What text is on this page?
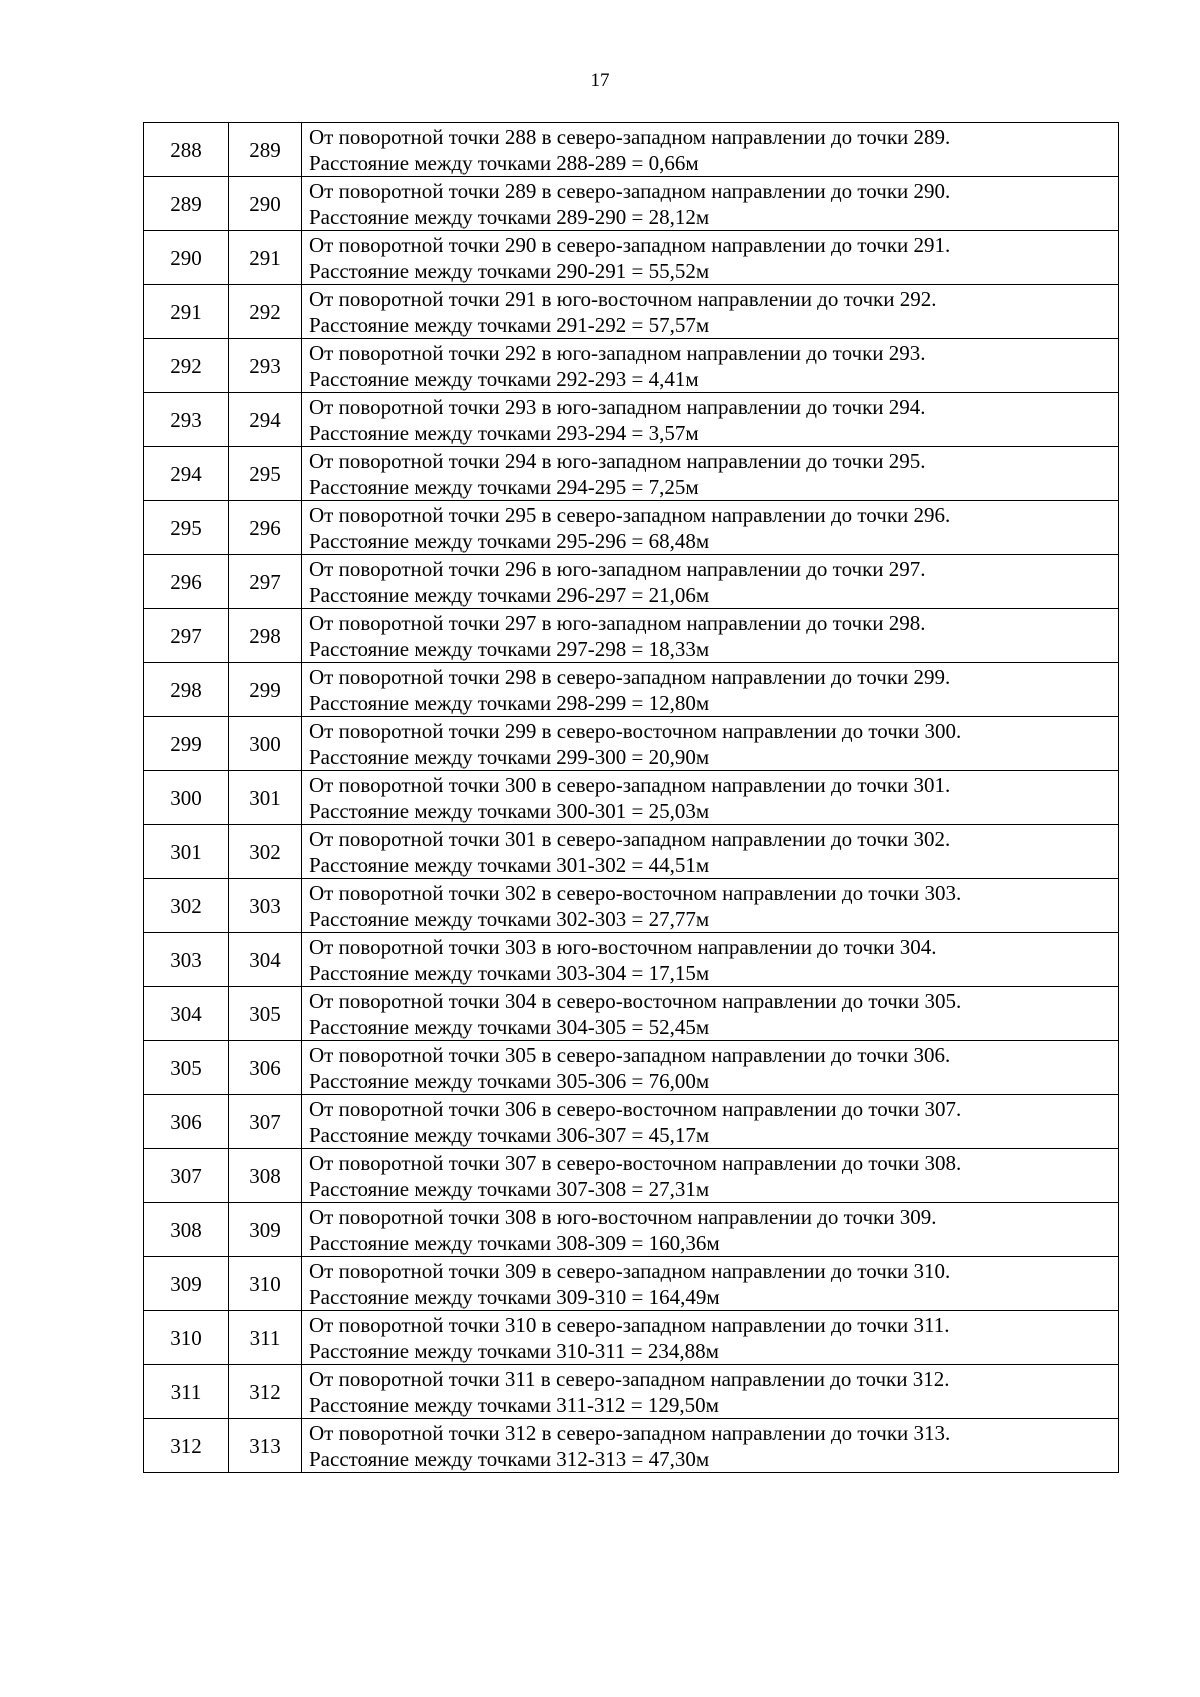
17
288	289	От поворотной точки 288 в северо-западном направлении до точки 289.
Расстояние между точками 288-289 = 0,66м

289	290	От поворотной точки 289 в северо-западном направлении до точки 290.
Расстояние между точками 289-290 = 28,12м

290	291	От поворотной точки 290 в северо-западном направлении до точки 291.
Расстояние между точками 290-291 = 55,52м

291	292	От поворотной точки 291 в юго-восточном направлении до точки 292.
Расстояние между точками 291-292 = 57,57м

292	293	От поворотной точки 292 в юго-западном направлении до точки 293.
Расстояние между точками 292-293 = 4,41м

293	294	От поворотной точки 293 в юго-западном направлении до точки 294.
Расстояние между точками 293-294 = 3,57м

294	295	От поворотной точки 294 в юго-западном направлении до точки 295.
Расстояние между точками 294-295 = 7,25м

295	296	От поворотной точки 295 в северо-западном направлении до точки 296.
Расстояние между точками 295-296 = 68,48м

296	297	От поворотной точки 296 в юго-западном направлении до точки 297.
Расстояние между точками 296-297 = 21,06м

297	298	От поворотной точки 297 в юго-западном направлении до точки 298.
Расстояние между точками 297-298 = 18,33м

298	299	От поворотной точки 298 в северо-западном направлении до точки 299.
Расстояние между точками 298-299 = 12,80м

299	300	От поворотной точки 299 в северо-восточном направлении до точки 300.
Расстояние между точками 299-300 = 20,90м

300	301	От поворотной точки 300 в северо-западном направлении до точки 301.
Расстояние между точками 300-301 = 25,03м

301	302	От поворотной точки 301 в северо-западном направлении до точки 302.
Расстояние между точками 301-302 = 44,51м

302	303	От поворотной точки 302 в северо-восточном направлении до точки 303.
Расстояние между точками 302-303 = 27,77м

303	304	От поворотной точки 303 в юго-восточном направлении до точки 304.
Расстояние между точками 303-304 = 17,15м

304	305	От поворотной точки 304 в северо-восточном направлении до точки 305.
Расстояние между точками 304-305 = 52,45м

305	306	От поворотной точки 305 в северо-западном направлении до точки 306.
Расстояние между точками 305-306 = 76,00м

306	307	От поворотной точки 306 в северо-восточном направлении до точки 307.
Расстояние между точками 306-307 = 45,17м

307	308	От поворотной точки 307 в северо-восточном направлении до точки 308.
Расстояние между точками 307-308 = 27,31м

308	309	От поворотной точки 308 в юго-восточном направлении до точки 309.
Расстояние между точками 308-309 = 160,36м

309	310	От поворотной точки 309 в северо-западном направлении до точки 310.
Расстояние между точками 309-310 = 164,49м

310	311	От поворотной точки 310 в северо-западном направлении до точки 311.
Расстояние между точками 310-311 = 234,88м

311	312	От поворотной точки 311 в северо-западном направлении до точки 312.
Расстояние между точками 311-312 = 129,50м

312	313	От поворотной точки 312 в северо-западном направлении до точки 313.
Расстояние между точками 312-313 = 47,30м
